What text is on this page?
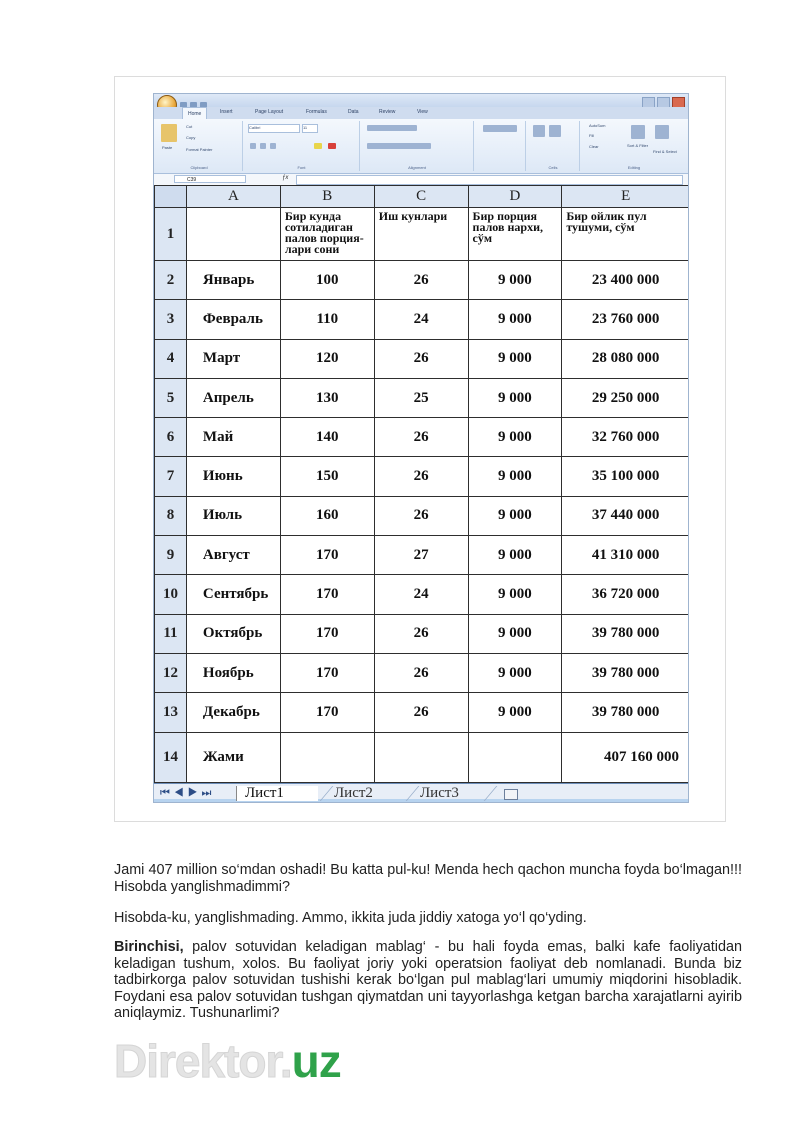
Home	Insert	Page Layout	Formulas	Data	Review	View
Paste
Cut
Copy
Format Painter
Clipboard
Calibri	11
Font	Alignment	Cells
AutoSum
Fill
Clear	Sort & Filter
Find & Select
Editing
C39	ƒx
	A	B	C	D	E
1		Бир кунда сотиладиган палов порция-лари сони	Иш кунлари	Бир порция палов нархи, сўм	Бир ойлик пул тушуми, сўм

2	Январь	100	26	9 000	23 400 000
3	Февраль	110	24	9 000	23 760 000
4	Март	120	26	9 000	28 080 000
5	Апрель	130	25	9 000	29 250 000
6	Май	140	26	9 000	32 760 000
7	Июнь	150	26	9 000	35 100 000
8	Июль	160	26	9 000	37 440 000
9	Август	170	27	9 000	41 310 000
10	Сентябрь	170	24	9 000	36 720 000
11	Октябрь	170	26	9 000	39 780 000
12	Ноябрь	170	26	9 000	39 780 000
13	Декабрь	170	26	9 000	39 780 000
14	Жами				407 160 000
⏮◀▶⏭	Лист1	Лист2	Лист3
Jami 407 million so‘mdan oshadi! Bu katta pul-ku! Menda hech qachon muncha foyda bo‘lmagan!!! Hisobda yanglishmadimmi?
Hisobda-ku, yanglishmading. Ammo, ikkita juda jiddiy xatoga yo‘l qo‘yding.
Birinchisi, palov sotuvidan keladigan mablag‘ - bu hali foyda emas, balki kafe faoliyatidan keladigan tushum, xolos. Bu faoliyat joriy yoki operatsion faoliyat deb nomlanadi. Bunda biz tadbirkorga palov sotuvidan tushishi kerak bo‘lgan pul mablag‘lari umumiy miqdorini hisobladik. Foydani esa palov sotuvidan tushgan qiymatdan uni tayyorlashga ketgan barcha xarajatlarni ayirib aniqlaymiz. Tushunarlimi?
Direktor.uz
